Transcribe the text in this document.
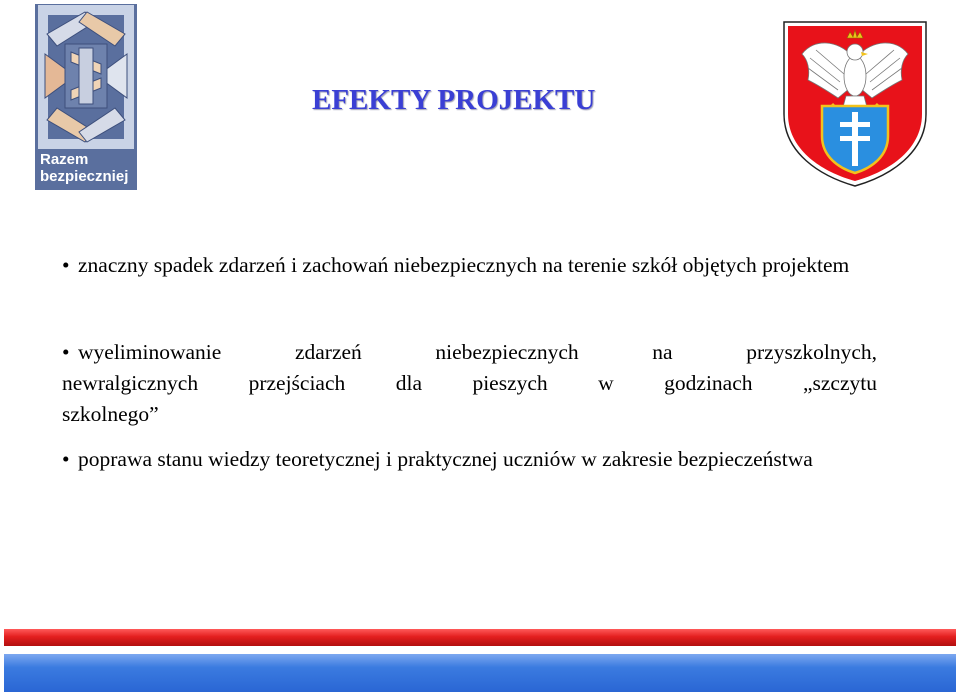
Razem
bezpieczniej
EFEKTY PROJEKTU
• znaczny spadek zdarzeń i zachowań niebezpiecznych na terenie szkół objętych projektem
• wyeliminowanie zdarzeń niebezpiecznych na przyszkolnych,
newralgicznych przejściach dla pieszych w godzinach „szczytu
szkolnego”
• poprawa stanu wiedzy teoretycznej i praktycznej uczniów w zakresie bezpieczeństwa
